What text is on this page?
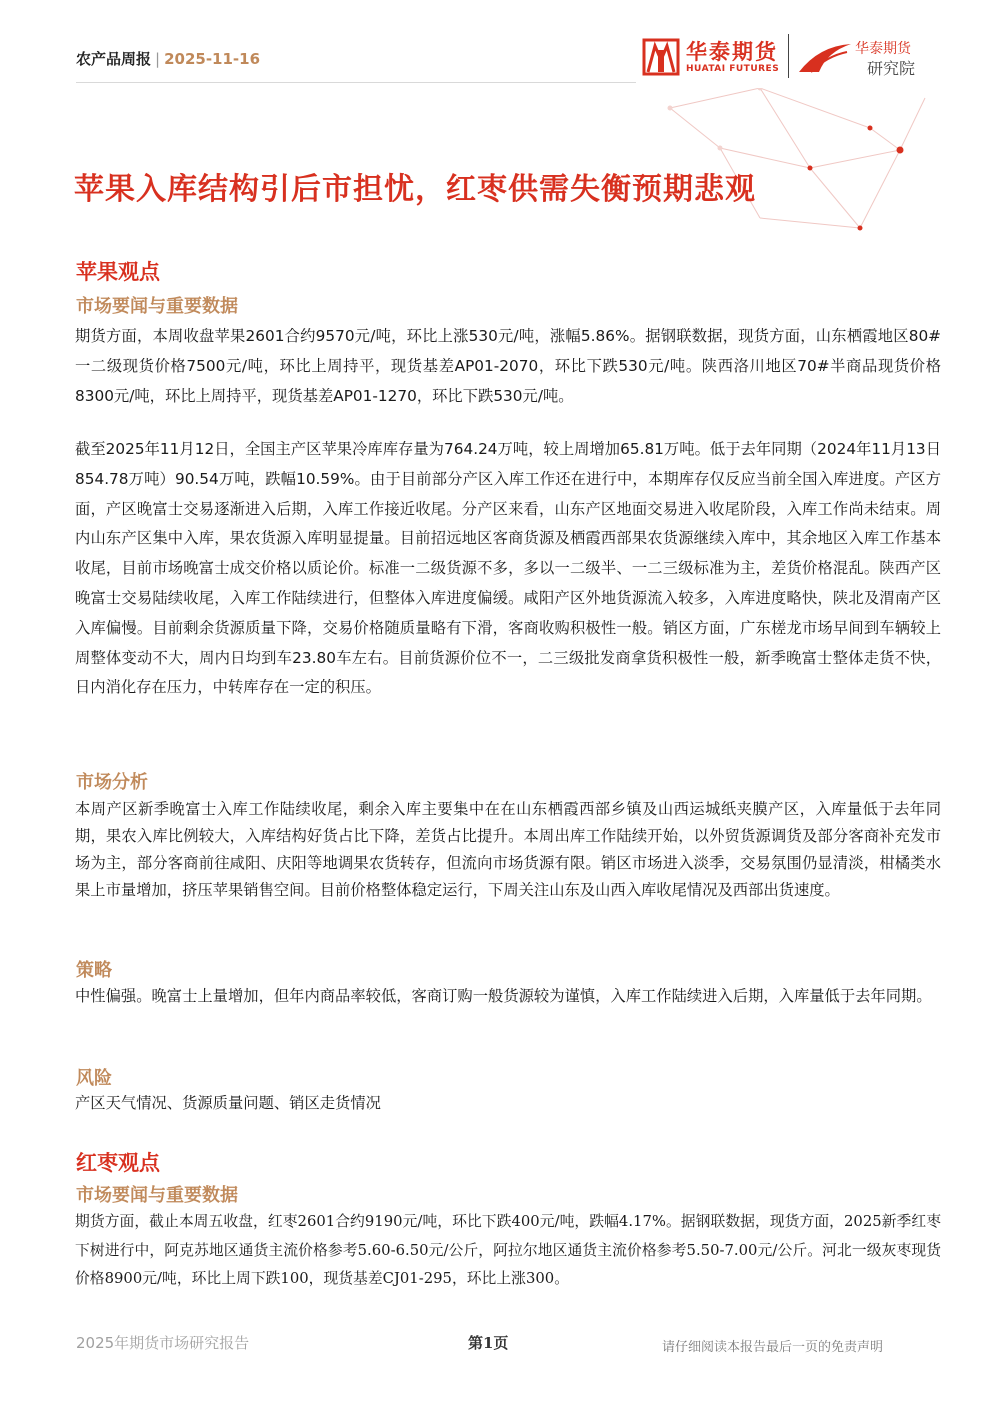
农产品周报 | 2025-11-16	华泰期货
HUATAI FUTURES
华泰期货
研究院
苹果入库结构引后市担忧，红枣供需失衡预期悲观
苹果观点
市场要闻与重要数据
期货方面，本周收盘苹果2601合约9570元/吨，环比上涨530元/吨，涨幅5.86%。据钢联数据，现货方面，山东栖霞地区80#一二级现货价格7500元/吨，环比上周持平，现货基差AP01-2070，环比下跌530元/吨。陕西洛川地区70#半商品现货价格8300元/吨，环比上周持平，现货基差AP01-1270，环比下跌530元/吨。
截至2025年11月12日，全国主产区苹果冷库库存量为764.24万吨，较上周增加65.81万吨。低于去年同期（2024年11月13日854.78万吨）90.54万吨，跌幅10.59%。由于目前部分产区入库工作还在进行中，本期库存仅反应当前全国入库进度。产区方面，产区晚富士交易逐渐进入后期，入库工作接近收尾。分产区来看，山东产区地面交易进入收尾阶段，入库工作尚未结束。周内山东产区集中入库，果农货源入库明显提量。目前招远地区客商货源及栖霞西部果农货源继续入库中，其余地区入库工作基本收尾，目前市场晚富士成交价格以质论价。标准一二级货源不多，多以一二级半、一二三级标准为主，差货价格混乱。陕西产区晚富士交易陆续收尾，入库工作陆续进行，但整体入库进度偏缓。咸阳产区外地货源流入较多，入库进度略快，陕北及渭南产区入库偏慢。目前剩余货源质量下降，交易价格随质量略有下滑，客商收购积极性一般。销区方面，广东槎龙市场早间到车辆较上周整体变动不大，周内日均到车23.80车左右。目前货源价位不一，二三级批发商拿货积极性一般，新季晚富士整体走货不快，日内消化存在压力，中转库存在一定的积压。
市场分析
本周产区新季晚富士入库工作陆续收尾，剩余入库主要集中在在山东栖霞西部乡镇及山西运城纸夹膜产区，入库量低于去年同期，果农入库比例较大，入库结构好货占比下降，差货占比提升。本周出库工作陆续开始，以外贸货源调货及部分客商补充发市场为主，部分客商前往咸阳、庆阳等地调果农货转存，但流向市场货源有限。销区市场进入淡季，交易氛围仍显清淡，柑橘类水果上市量增加，挤压苹果销售空间。目前价格整体稳定运行，下周关注山东及山西入库收尾情况及西部出货速度。
策略
中性偏强。晚富士上量增加，但年内商品率较低，客商订购一般货源较为谨慎，入库工作陆续进入后期，入库量低于去年同期。
风险
产区天气情况、货源质量问题、销区走货情况
红枣观点
市场要闻与重要数据
期货方面，截止本周五收盘，红枣2601合约9190元/吨，环比下跌400元/吨，跌幅4.17%。据钢联数据，现货方面，2025新季红枣下树进行中，阿克苏地区通货主流价格参考5.60-6.50元/公斤，阿拉尔地区通货主流价格参考5.50-7.00元/公斤。河北一级灰枣现货价格8900元/吨，环比上周下跌100，现货基差CJ01-295，环比上涨300。
2025年期货市场研究报告	第1页	请仔细阅读本报告最后一页的免责声明
